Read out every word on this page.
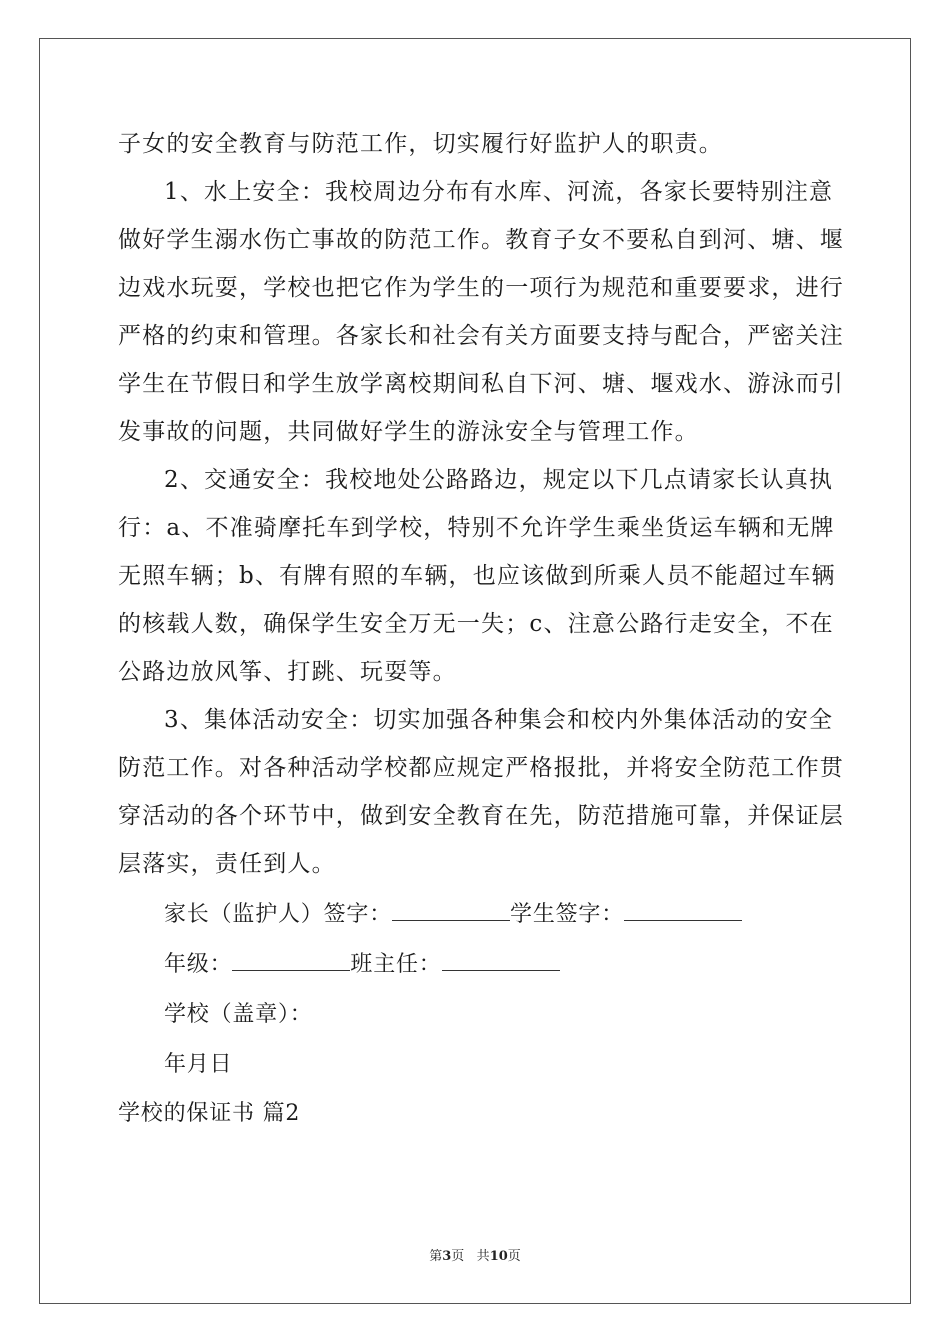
子女的安全教育与防范工作，切实履行好监护人的职责。
1、水上安全：我校周边分布有水库、河流，各家长要特别注意
做好学生溺水伤亡事故的防范工作。教育子女不要私自到河、塘、堰
边戏水玩耍，学校也把它作为学生的一项行为规范和重要要求，进行
严格的约束和管理。各家长和社会有关方面要支持与配合，严密关注
学生在节假日和学生放学离校期间私自下河、塘、堰戏水、游泳而引
发事故的问题，共同做好学生的游泳安全与管理工作。
2、交通安全：我校地处公路路边，规定以下几点请家长认真执
行：a、不准骑摩托车到学校，特别不允许学生乘坐货运车辆和无牌
无照车辆；b、有牌有照的车辆，也应该做到所乘人员不能超过车辆
的核载人数，确保学生安全万无一失；c、注意公路行走安全，不在
公路边放风筝、打跳、玩耍等。
3、集体活动安全：切实加强各种集会和校内外集体活动的安全
防范工作。对各种活动学校都应规定严格报批，并将安全防范工作贯
穿活动的各个环节中，做到安全教育在先，防范措施可靠，并保证层
层落实，责任到人。
家长（监护人）签字：	学生签字：
年级：	班主任：
学校（盖章）：
年月日
学校的保证书 篇2
第3页 共10页
